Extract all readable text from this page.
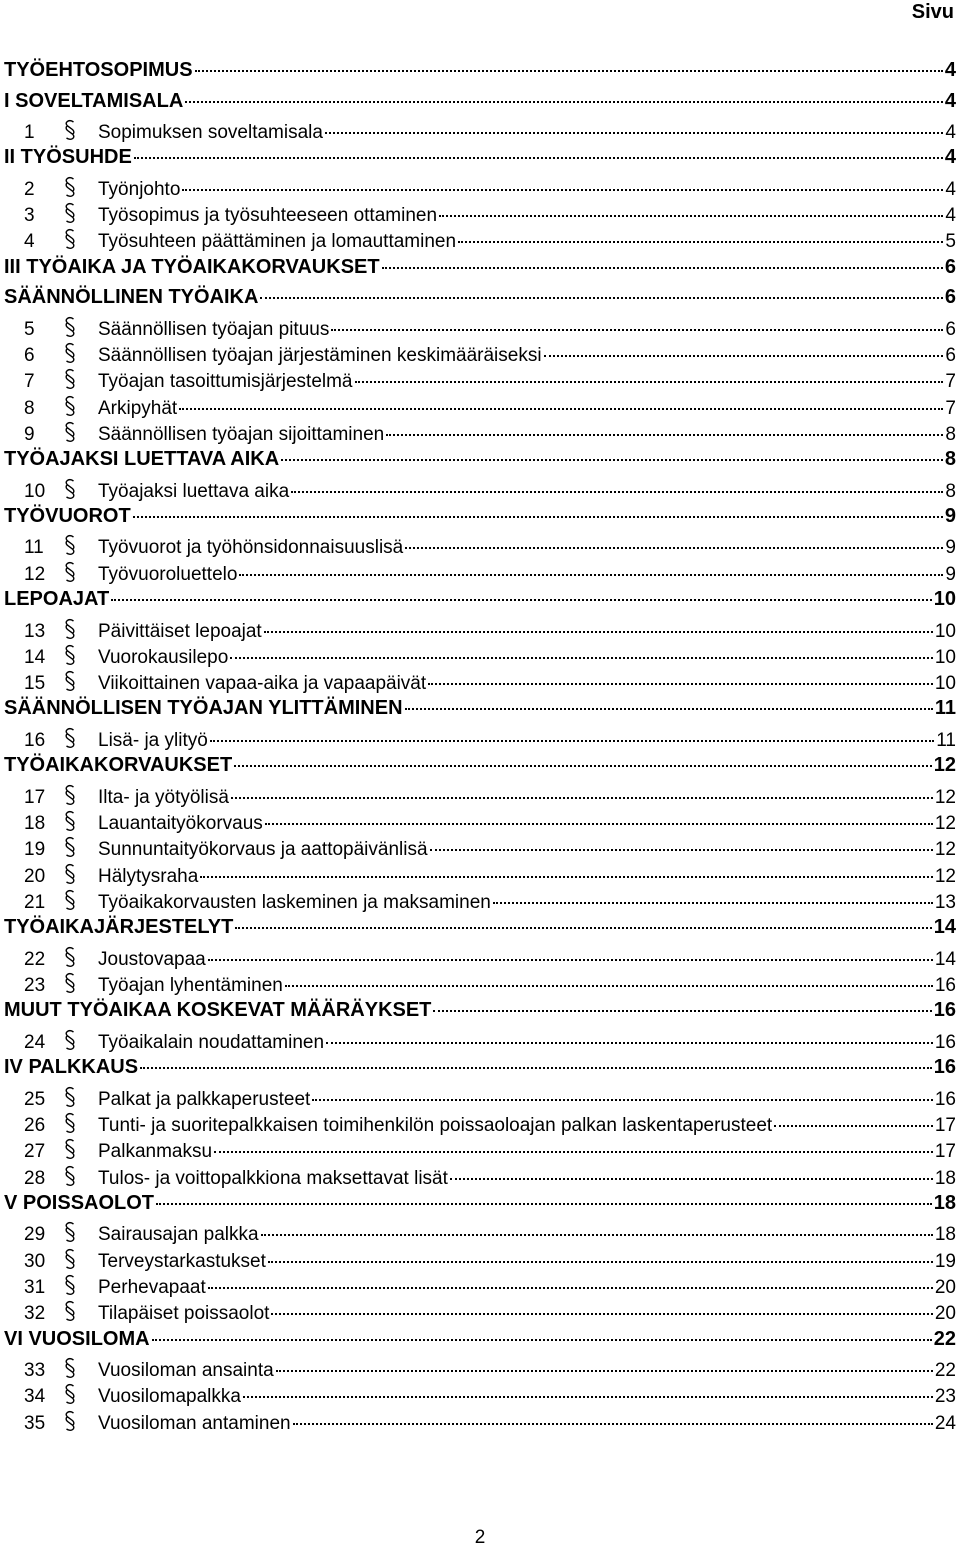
Sivu
TYÖEHTOSOPIMUS	4
I SOVELTAMISALA	4
1	Sopimuksen soveltamisala	4
II TYÖSUHDE	4
2	Työnjohto	4
3	Työsopimus ja työsuhteeseen ottaminen	4
4	Työsuhteen päättäminen ja lomauttaminen	5
III TYÖAIKA JA TYÖAIKAKORVAUKSET	6
SÄÄNNÖLLINEN TYÖAIKA	6
5	Säännöllisen työajan pituus	6
6	Säännöllisen työajan järjestäminen keskimääräiseksi	6
7	Työajan tasoittumisjärjestelmä	7
8	Arkipyhät	7
9	Säännöllisen työajan sijoittaminen	8
TYÖAJAKSI LUETTAVA AIKA	8
10	Työajaksi luettava aika	8
TYÖVUOROT	9
11	Työvuorot ja työhönsidonnaisuuslisä	9
12	Työvuoroluettelo	9
LEPOAJAT	10
13	Päivittäiset lepoajat	10
14	Vuorokausilepo	10
15	Viikoittainen vapaa-aika ja vapaapäivät	10
SÄÄNNÖLLISEN TYÖAJAN YLITTÄMINEN	11
16	Lisä- ja ylityö	11
TYÖAIKAKORVAUKSET	12
17	Ilta- ja yötyölisä	12
18	Lauantaityökorvaus	12
19	Sunnuntaityökorvaus ja aattopäivänlisä	12
20	Hälytysraha	12
21	Työaikakorvausten laskeminen ja maksaminen	13
TYÖAIKAJÄRJESTELYT	14
22	Joustovapaa	14
23	Työajan lyhentäminen	16
MUUT TYÖAIKAA KOSKEVAT MÄÄRÄYKSET	16
24	Työaikalain noudattaminen	16
IV PALKKAUS	16
25	Palkat ja palkkaperusteet	16
26	Tunti- ja suoritepalkkaisen toimihenkilön poissaoloajan palkan laskentaperusteet	17
27	Palkanmaksu	17
28	Tulos- ja voittopalkkiona maksettavat lisät	18
V POISSAOLOT	18
29	Sairausajan palkka	18
30	Terveystarkastukset	19
31	Perhevapaat	20
32	Tilapäiset poissaolot	20
VI VUOSILOMA	22
33	Vuosiloman ansainta	22
34	Vuosilomapalkka	23
35	Vuosiloman antaminen	24
2
